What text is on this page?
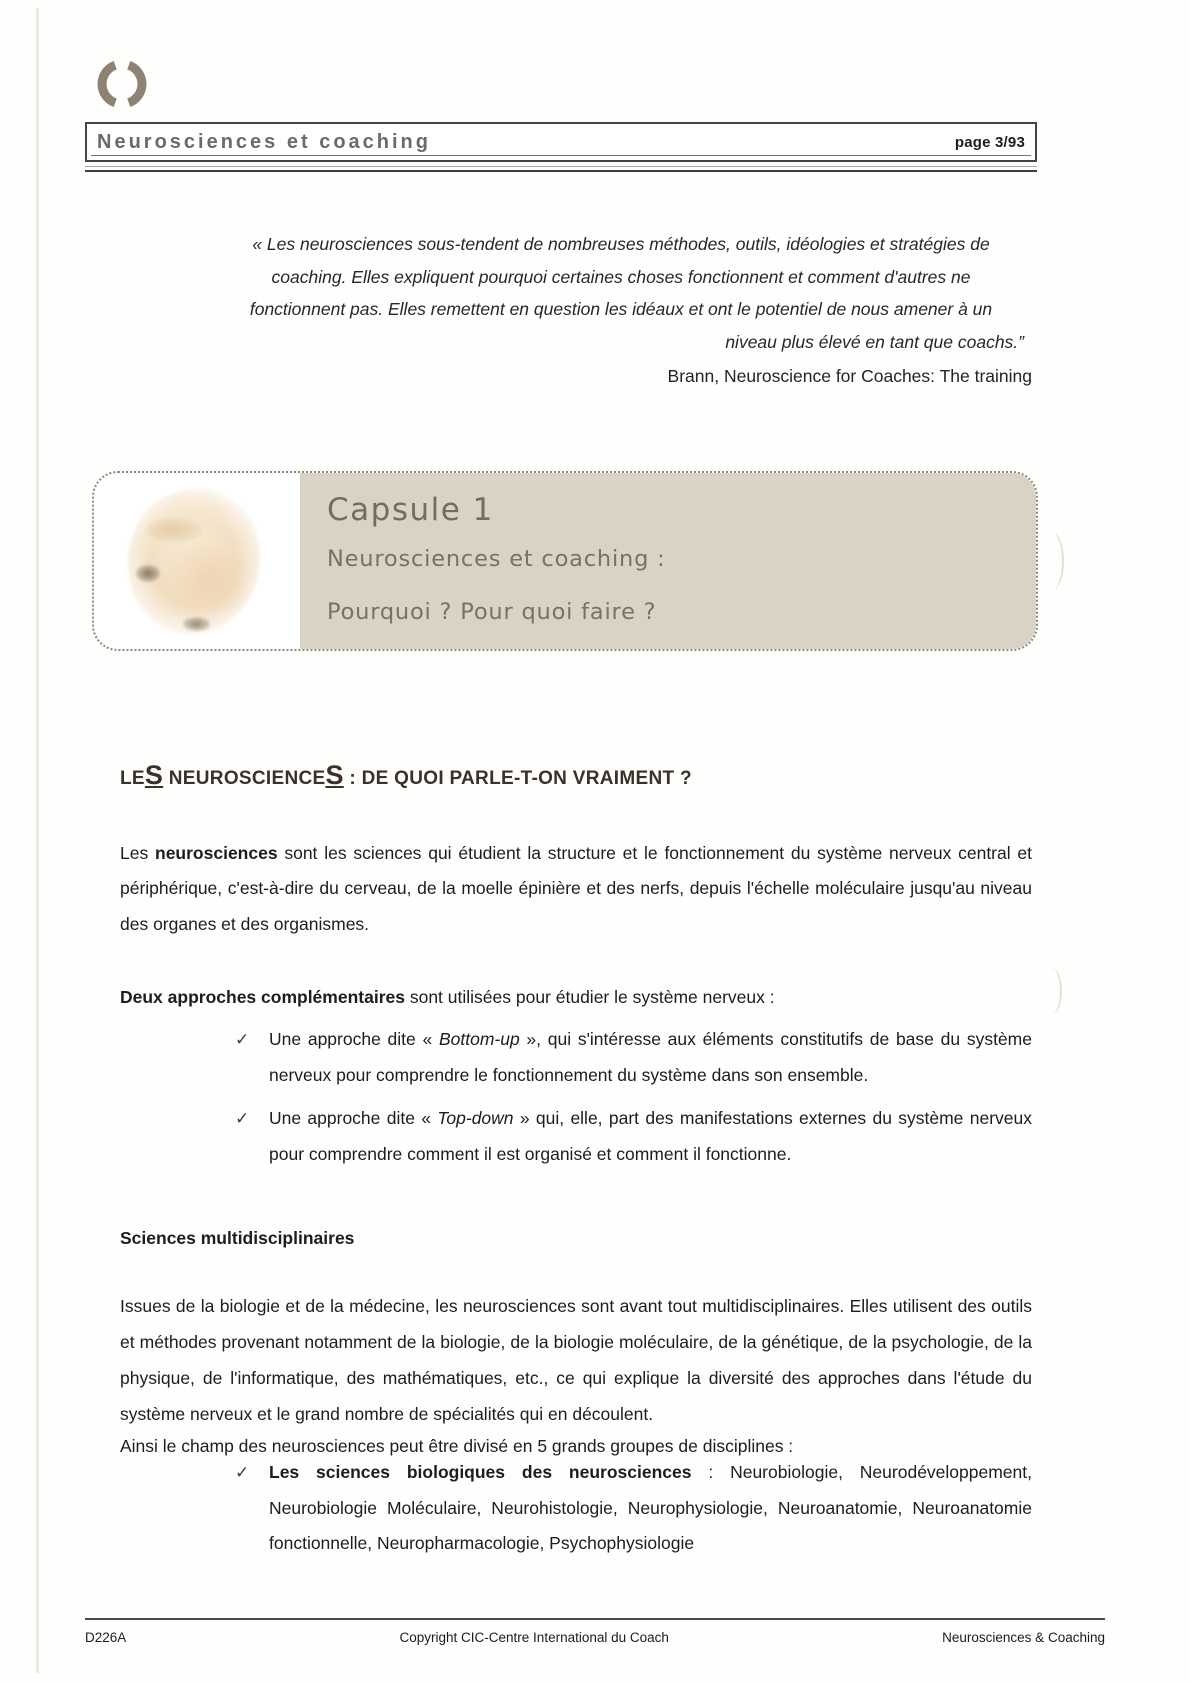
Neurosciences et coaching	page 3/93
« Les neurosciences sous-tendent de nombreuses méthodes, outils, idéologies et stratégies de
coaching. Elles expliquent pourquoi certaines choses fonctionnent et comment d'autres ne
fonctionnent pas. Elles remettent en question les idéaux et ont le potentiel de nous amener à un
niveau plus élevé en tant que coachs.”
Brann, Neuroscience for Coaches: The training
Capsule 1
Neurosciences et coaching :
Pourquoi ? Pour quoi faire ?
LES NEUROSCIENCES : DE QUOI PARLE-T-ON VRAIMENT ?

Les neurosciences sont les sciences qui étudient la structure et le fonctionnement du système nerveux central et périphérique, c'est-à-dire du cerveau, de la moelle épinière et des nerfs, depuis l'échelle moléculaire jusqu'au niveau des organes et des organismes.

Deux approches complémentaires sont utilisées pour étudier le système nerveux :

✓ Une approche dite « Bottom-up », qui s'intéresse aux éléments constitutifs de base du système nerveux pour comprendre le fonctionnement du système dans son ensemble.
✓ Une approche dite « Top-down » qui, elle, part des manifestations externes du système nerveux pour comprendre comment il est organisé et comment il fonctionne.
Sciences multidisciplinaires

Issues de la biologie et de la médecine, les neurosciences sont avant tout multidisciplinaires. Elles utilisent des outils et méthodes provenant notamment de la biologie, de la biologie moléculaire, de la génétique, de la psychologie, de la physique, de l'informatique, des mathématiques, etc., ce qui explique la diversité des approches dans l'étude du système nerveux et le grand nombre de spécialités qui en découlent.

Ainsi le champ des neurosciences peut être divisé en 5 grands groupes de disciplines :

✓ Les sciences biologiques des neurosciences : Neurobiologie, Neurodéveloppement, Neurobiologie Moléculaire, Neurohistologie, Neurophysiologie, Neuroanatomie, Neuroanatomie fonctionnelle, Neuropharmacologie, Psychophysiologie
D226A	Copyright CIC-Centre International du Coach	Neurosciences & Coaching
